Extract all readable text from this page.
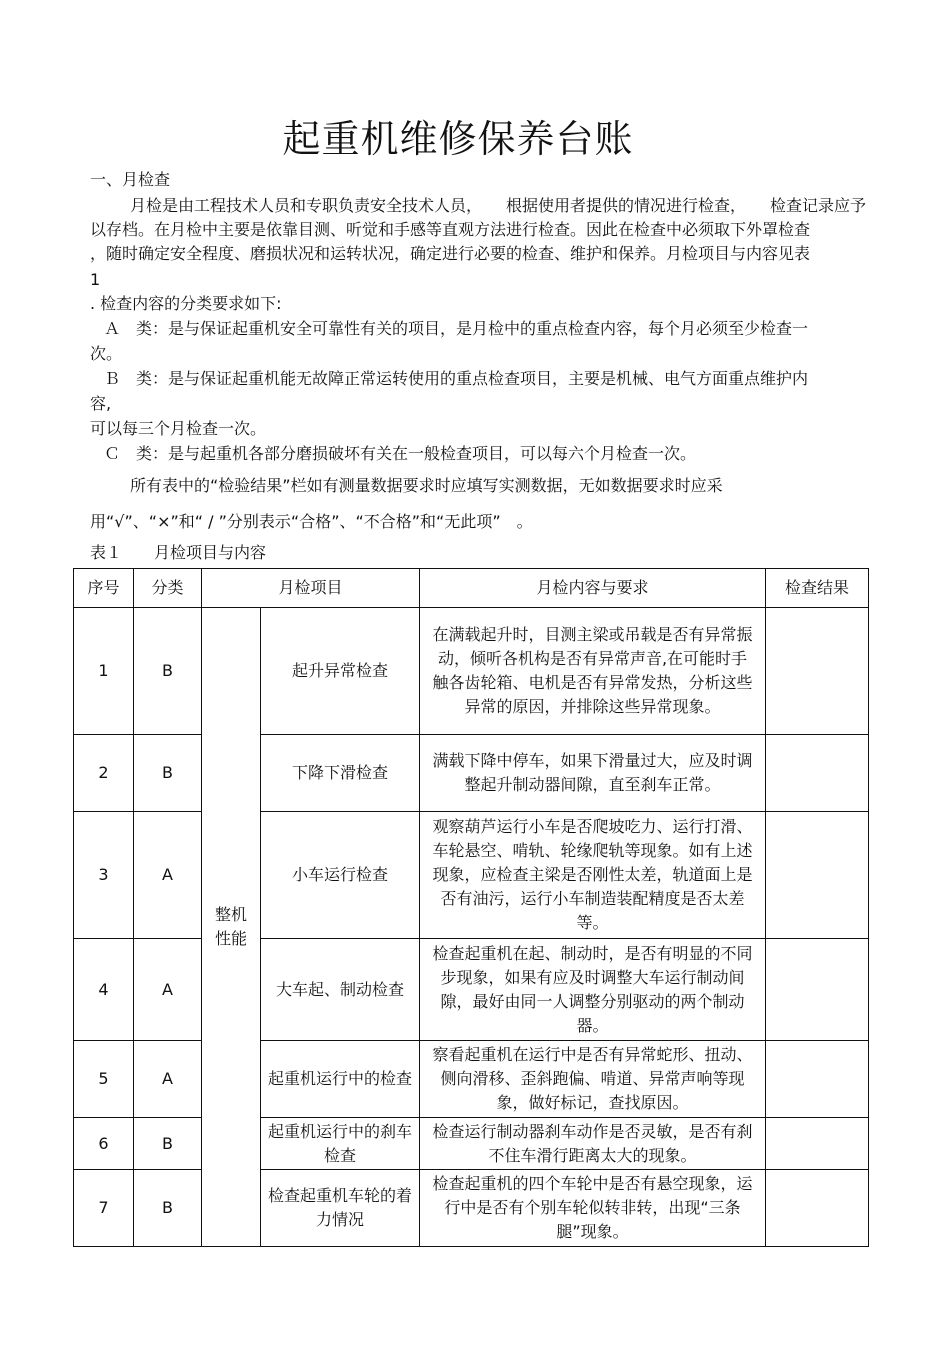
起重机维修保养台账
一、月检查
月检是由工程技术人员和专职负责安全技术人员，　　根据使用者提供的情况进行检查，　　检查记录应予
以存档。在月检中主要是依靠目测、听觉和手感等直观方法进行检查。因此在检查中必须取下外罩检查
，随时确定安全程度、磨损状况和运转状况，确定进行必要的检查、维护和保养。月检项目与内容见表
1
. 检查内容的分类要求如下:
Ａ　类：是与保证起重机安全可靠性有关的项目，是月检中的重点检查内容，每个月必须至少检查一
次。
Ｂ　类：是与保证起重机能无故障正常运转使用的重点检查项目，主要是机械、电气方面重点维护内
容,
可以每三个月检查一次。
Ｃ　类：是与起重机各部分磨损破坏有关在一般检查项目，可以每六个月检查一次。
所有表中的“检验结果”栏如有测量数据要求时应填写实测数据，无如数据要求时应采
用“√”、“×”和“ / ”分别表示“合格”、“不合格”和“无此项”　。
表１　　月检项目与内容
序号	分类	月检项目		月检内容与要求	检查结果
1	B	整机
性能	起升异常检查	在满载起升时，目测主梁或吊载是否有异常振动，倾听各机构是否有异常声音,在可能时手触各齿轮箱、电机是否有异常发热，分析这些异常的原因，并排除这些异常现象。	
2	B		下降下滑检查	满载下降中停车，如果下滑量过大，应及时调整起升制动器间隙，直至刹车正常。	
3	A		小车运行检查	观察葫芦运行小车是否爬坡吃力、运行打滑、车轮悬空、啃轨、轮缘爬轨等现象。如有上述现象，应检查主梁是否刚性太差，轨道面上是否有油污，运行小车制造装配精度是否太差等。	
4	A		大车起、制动检查	检查起重机在起、制动时，是否有明显的不同步现象，如果有应及时调整大车运行制动间隙，最好由同一人调整分别驱动的两个制动器。	
5	A		起重机运行中的检查	察看起重机在运行中是否有异常蛇形、扭动、侧向滑移、歪斜跑偏、啃道、异常声响等现象，做好标记，查找原因。	
6	B		起重机运行中的刹车检查	检查运行制动器刹车动作是否灵敏，是否有刹不住车滑行距离太大的现象。	
7	B		检查起重机车轮的着力情况	检查起重机的四个车轮中是否有悬空现象，运行中是否有个别车轮似转非转，出现“三条腿”现象。	
